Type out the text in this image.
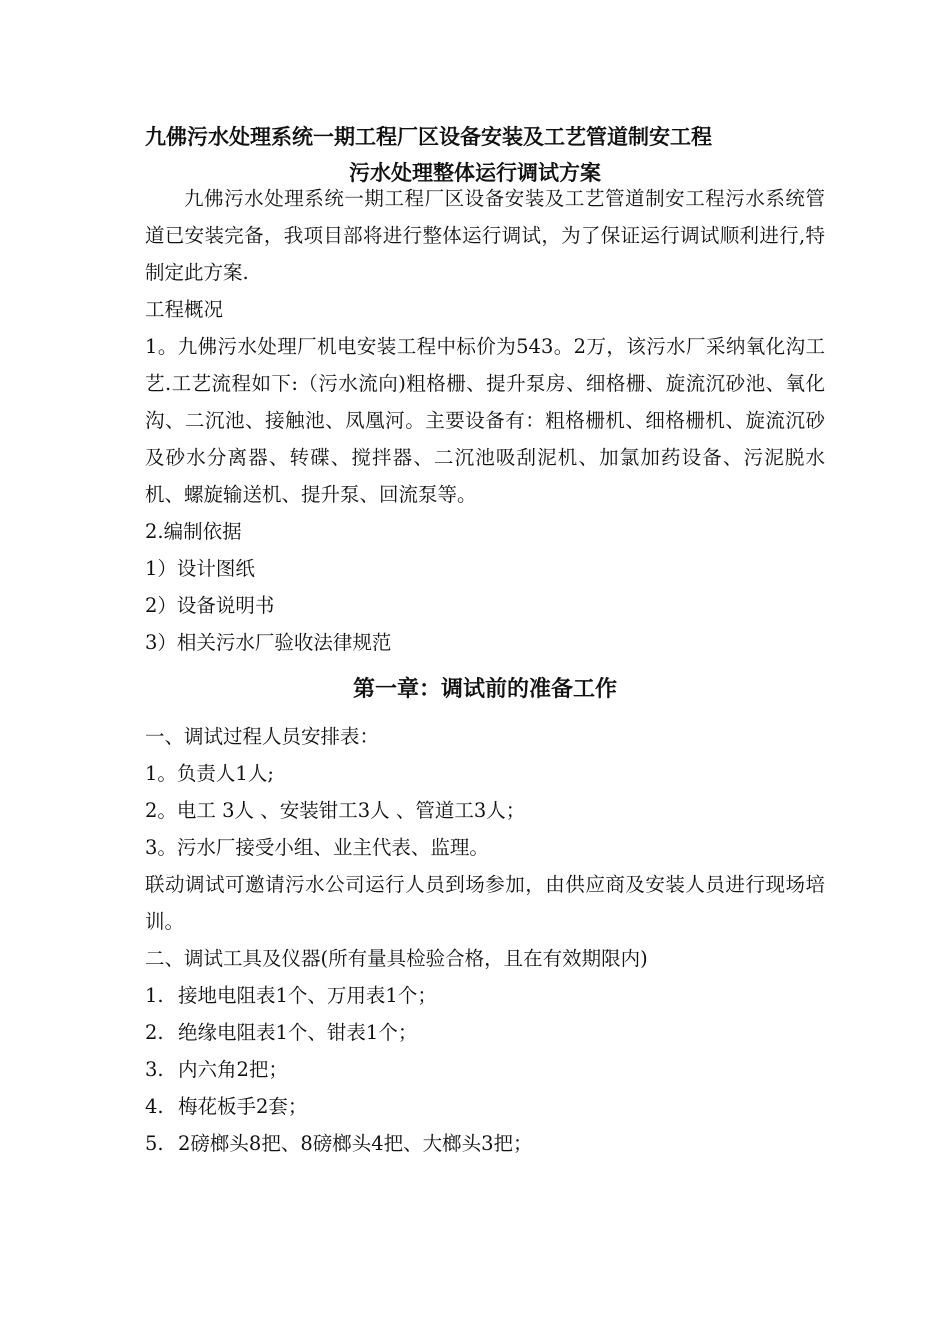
九佛污水处理系统一期工程厂区设备安装及工艺管道制安工程
污水处理整体运行调试方案

九佛污水处理系统一期工程厂区设备安装及工艺管道制安工程污水系统管道已安装完备，我项目部将进行整体运行调试，为了保证运行调试顺利进行,特制定此方案.

工程概况

1。九佛污水处理厂机电安装工程中标价为543。2万，该污水厂采纳氧化沟工艺.工艺流程如下:（污水流向)粗格栅、提升泵房、细格栅、旋流沉砂池、氧化沟、二沉池、接触池、凤凰河。主要设备有：粗格栅机、细格栅机、旋流沉砂及砂水分离器、转碟、搅拌器、二沉池吸刮泥机、加氯加药设备、污泥脱水机、螺旋输送机、提升泵、回流泵等。

2.编制依据
1）设计图纸
2）设备说明书
3）相关污水厂验收法律规范
第一章：调试前的准备工作
一、调试过程人员安排表：
1。负责人1人;
2。电工 3人 、安装钳工3人 、管道工3人；
3。污水厂接受小组、业主代表、监理。

联动调试可邀请污水公司运行人员到场参加，由供应商及安装人员进行现场培训。

二、调试工具及仪器(所有量具检验合格，且在有效期限内)
1. 接地电阻表1个、万用表1个；
2. 绝缘电阻表1个、钳表1个；
3. 内六角2把；
4. 梅花板手2套；
5. 2磅榔头8把、8磅榔头4把、大榔头3把；
